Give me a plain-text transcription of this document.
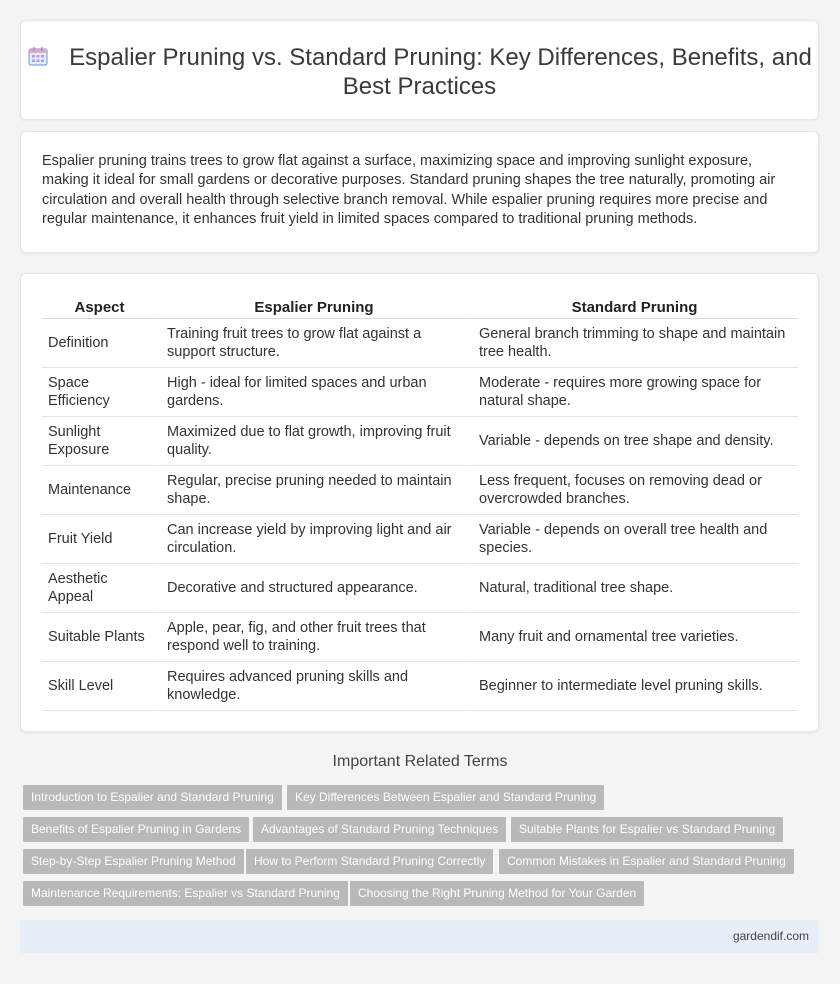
Espalier Pruning vs. Standard Pruning: Key Differences, Benefits, and Best Practices

Espalier pruning trains trees to grow flat against a surface, maximizing space and improving sunlight exposure, making it ideal for small gardens or decorative purposes. Standard pruning shapes the tree naturally, promoting air circulation and overall health through selective branch removal. While espalier pruning requires more precise and regular maintenance, it enhances fruit yield in limited spaces compared to traditional pruning methods.

Aspect	Espalier Pruning	Standard Pruning
Definition	Training fruit trees to grow flat against a support structure.	General branch trimming to shape and maintain tree health.
Space Efficiency	High - ideal for limited spaces and urban gardens.	Moderate - requires more growing space for natural shape.
Sunlight Exposure	Maximized due to flat growth, improving fruit quality.	Variable - depends on tree shape and density.
Maintenance	Regular, precise pruning needed to maintain shape.	Less frequent, focuses on removing dead or overcrowded branches.
Fruit Yield	Can increase yield by improving light and air circulation.	Variable - depends on overall tree health and species.
Aesthetic Appeal	Decorative and structured appearance.	Natural, traditional tree shape.
Suitable Plants	Apple, pear, fig, and other fruit trees that respond well to training.	Many fruit and ornamental tree varieties.
Skill Level	Requires advanced pruning skills and knowledge.	Beginner to intermediate level pruning skills.
Important Related Terms
Introduction to Espalier and Standard Pruning	Key Differences Between Espalier and Standard Pruning
Benefits of Espalier Pruning in Gardens	Advantages of Standard Pruning Techniques	Suitable Plants for Espalier vs Standard Pruning
Step-by-Step Espalier Pruning Method	How to Perform Standard Pruning Correctly	Common Mistakes in Espalier and Standard Pruning
Maintenance Requirements: Espalier vs Standard Pruning	Choosing the Right Pruning Method for Your Garden
gardendif.com
